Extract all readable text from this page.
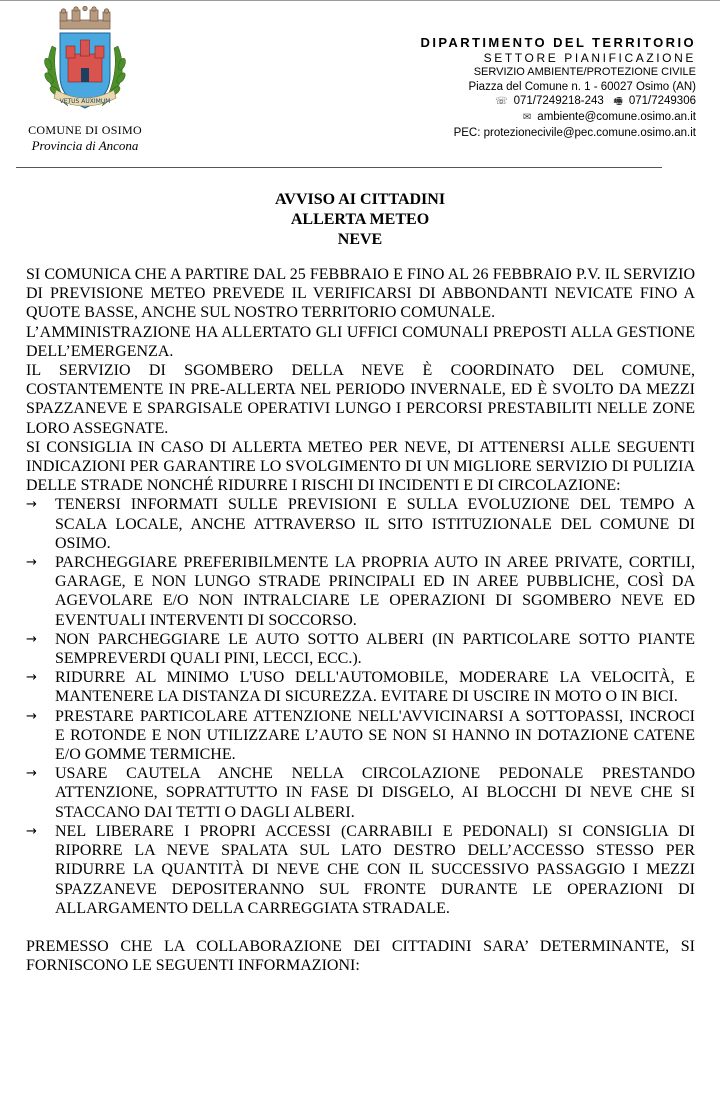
VETUS AUXIMUM
COMUNE DI OSIMO
Provincia di Ancona
DIPARTIMENTO DEL TERRITORIO
SETTORE PIANIFICAZIONE
SERVIZIO AMBIENTE/PROTEZIONE CIVILE
Piazza del Comune n. 1 - 60027 Osimo (AN)
☏ 071/7249218-243 🖷 071/7249306
✉ ambiente@comune.osimo.an.it
PEC: protezionecivile@pec.comune.osimo.an.it
AVVISO AI CITTADINI
ALLERTA METEO
NEVE

SI COMUNICA CHE A PARTIRE DAL 25 FEBBRAIO E FINO AL 26 FEBBRAIO P.V. IL SERVIZIO DI PREVISIONE METEO PREVEDE IL VERIFICARSI DI ABBONDANTI NEVICATE FINO A QUOTE BASSE, ANCHE SUL NOSTRO TERRITORIO COMUNALE.

L’AMMINISTRAZIONE HA ALLERTATO GLI UFFICI COMUNALI PREPOSTI ALLA GESTIONE DELL’EMERGENZA.

IL SERVIZIO DI SGOMBERO DELLA NEVE È COORDINATO DEL COMUNE, COSTANTEMENTE IN PRE-ALLERTA NEL PERIODO INVERNALE, ED È SVOLTO DA MEZZI SPAZZANEVE E SPARGISALE OPERATIVI LUNGO I PERCORSI PRESTABILITI NELLE ZONE LORO ASSEGNATE.

SI CONSIGLIA IN CASO DI ALLERTA METEO PER NEVE, DI ATTENERSI ALLE SEGUENTI INDICAZIONI PER GARANTIRE LO SVOLGIMENTO DI UN MIGLIORE SERVIZIO DI PULIZIA DELLE STRADE NONCHÉ RIDURRE I RISCHI DI INCIDENTI E DI CIRCOLAZIONE:

→ TENERSI INFORMATI SULLE PREVISIONI E SULLA EVOLUZIONE DEL TEMPO A SCALA LOCALE, ANCHE ATTRAVERSO IL SITO ISTITUZIONALE DEL COMUNE DI OSIMO.
→ PARCHEGGIARE PREFERIBILMENTE LA PROPRIA AUTO IN AREE PRIVATE, CORTILI, GARAGE, E NON LUNGO STRADE PRINCIPALI ED IN AREE PUBBLICHE, COSÌ DA AGEVOLARE E/O NON INTRALCIARE LE OPERAZIONI DI SGOMBERO NEVE ED EVENTUALI INTERVENTI DI SOCCORSO.
→ NON PARCHEGGIARE LE AUTO SOTTO ALBERI (IN PARTICOLARE SOTTO PIANTE SEMPREVERDI QUALI PINI, LECCI, ECC.).
→ RIDURRE AL MINIMO L'USO DELL'AUTOMOBILE, MODERARE LA VELOCITÀ, E MANTENERE LA DISTANZA DI SICUREZZA. EVITARE DI USCIRE IN MOTO O IN BICI.
→ PRESTARE PARTICOLARE ATTENZIONE NELL'AVVICINARSI A SOTTOPASSI, INCROCI E ROTONDE E NON UTILIZZARE L’AUTO SE NON SI HANNO IN DOTAZIONE CATENE E/O GOMME TERMICHE.
→ USARE CAUTELA ANCHE NELLA CIRCOLAZIONE PEDONALE PRESTANDO ATTENZIONE, SOPRATTUTTO IN FASE DI DISGELO, AI BLOCCHI DI NEVE CHE SI STACCANO DAI TETTI O DAGLI ALBERI.
→ NEL LIBERARE I PROPRI ACCESSI (CARRABILI E PEDONALI) SI CONSIGLIA DI RIPORRE LA NEVE SPALATA SUL LATO DESTRO DELL’ACCESSO STESSO PER RIDURRE LA QUANTITÀ DI NEVE CHE CON IL SUCCESSIVO PASSAGGIO I MEZZI SPAZZANEVE DEPOSITERANNO SUL FRONTE DURANTE LE OPERAZIONI DI ALLARGAMENTO DELLA CARREGGIATA STRADALE.

PREMESSO CHE LA COLLABORAZIONE DEI CITTADINI SARA’ DETERMINANTE, SI FORNISCONO LE SEGUENTI INFORMAZIONI:
